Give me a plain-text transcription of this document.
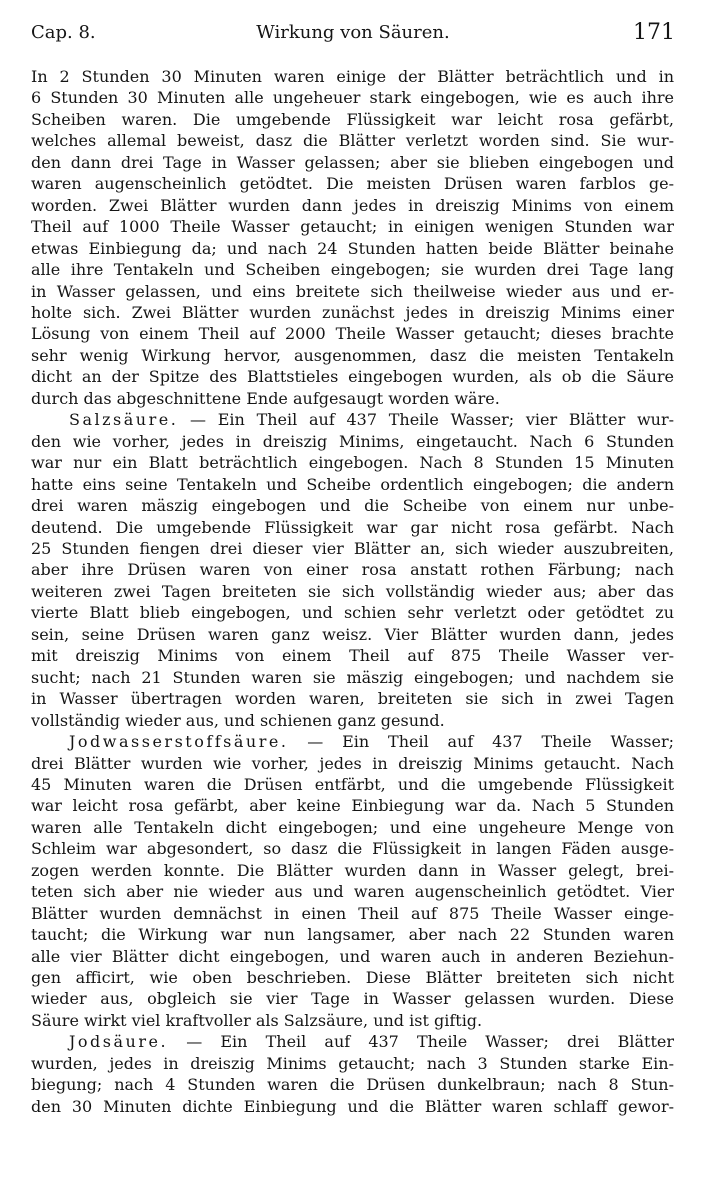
Cap. 8.	Wirkung von Säuren.	171
In 2 Stunden 30 Minuten waren einige der Blätter beträchtlich und in
6 Stunden 30 Minuten alle ungeheuer stark eingebogen, wie es auch ihre
Scheiben waren. Die umgebende Flüssigkeit war leicht rosa gefärbt,
welches allemal beweist, dasz die Blätter verletzt worden sind. Sie wur-
den dann drei Tage in Wasser gelassen; aber sie blieben eingebogen und
waren augenscheinlich getödtet. Die meisten Drüsen waren farblos ge-
worden. Zwei Blätter wurden dann jedes in dreiszig Minims von einem
Theil auf 1000 Theile Wasser getaucht; in einigen wenigen Stunden war
etwas Einbiegung da; und nach 24 Stunden hatten beide Blätter beinahe
alle ihre Tentakeln und Scheiben eingebogen; sie wurden drei Tage lang
in Wasser gelassen, und eins breitete sich theilweise wieder aus und er-
holte sich. Zwei Blätter wurden zunächst jedes in dreiszig Minims einer
Lösung von einem Theil auf 2000 Theile Wasser getaucht; dieses brachte
sehr wenig Wirkung hervor, ausgenommen, dasz die meisten Tentakeln
dicht an der Spitze des Blattstieles eingebogen wurden, als ob die Säure
durch das abgeschnittene Ende aufgesaugt worden wäre.
Salzsäure. — Ein Theil auf 437 Theile Wasser; vier Blätter wur-
den wie vorher, jedes in dreiszig Minims, eingetaucht. Nach 6 Stunden
war nur ein Blatt beträchtlich eingebogen. Nach 8 Stunden 15 Minuten
hatte eins seine Tentakeln und Scheibe ordentlich eingebogen; die andern
drei waren mäszig eingebogen und die Scheibe von einem nur unbe-
deutend. Die umgebende Flüssigkeit war gar nicht rosa gefärbt. Nach
25 Stunden fiengen drei dieser vier Blätter an, sich wieder auszubreiten,
aber ihre Drüsen waren von einer rosa anstatt rothen Färbung; nach
weiteren zwei Tagen breiteten sie sich vollständig wieder aus; aber das
vierte Blatt blieb eingebogen, und schien sehr verletzt oder getödtet zu
sein, seine Drüsen waren ganz weisz. Vier Blätter wurden dann, jedes
mit dreiszig Minims von einem Theil auf 875 Theile Wasser ver-
sucht; nach 21 Stunden waren sie mäszig eingebogen; und nachdem sie
in Wasser übertragen worden waren, breiteten sie sich in zwei Tagen
vollständig wieder aus, und schienen ganz gesund.
Jodwasserstoffsäure. — Ein Theil auf 437 Theile Wasser;
drei Blätter wurden wie vorher, jedes in dreiszig Minims getaucht. Nach
45 Minuten waren die Drüsen entfärbt, und die umgebende Flüssigkeit
war leicht rosa gefärbt, aber keine Einbiegung war da. Nach 5 Stunden
waren alle Tentakeln dicht eingebogen; und eine ungeheure Menge von
Schleim war abgesondert, so dasz die Flüssigkeit in langen Fäden ausge-
zogen werden konnte. Die Blätter wurden dann in Wasser gelegt, brei-
teten sich aber nie wieder aus und waren augenscheinlich getödtet. Vier
Blätter wurden demnächst in einen Theil auf 875 Theile Wasser einge-
taucht; die Wirkung war nun langsamer, aber nach 22 Stunden waren
alle vier Blätter dicht eingebogen, und waren auch in anderen Beziehun-
gen afficirt, wie oben beschrieben. Diese Blätter breiteten sich nicht
wieder aus, obgleich sie vier Tage in Wasser gelassen wurden. Diese
Säure wirkt viel kraftvoller als Salzsäure, und ist giftig.
Jodsäure. — Ein Theil auf 437 Theile Wasser; drei Blätter
wurden, jedes in dreiszig Minims getaucht; nach 3 Stunden starke Ein-
biegung; nach 4 Stunden waren die Drüsen dunkelbraun; nach 8 Stun-
den 30 Minuten dichte Einbiegung und die Blätter waren schlaff gewor-
